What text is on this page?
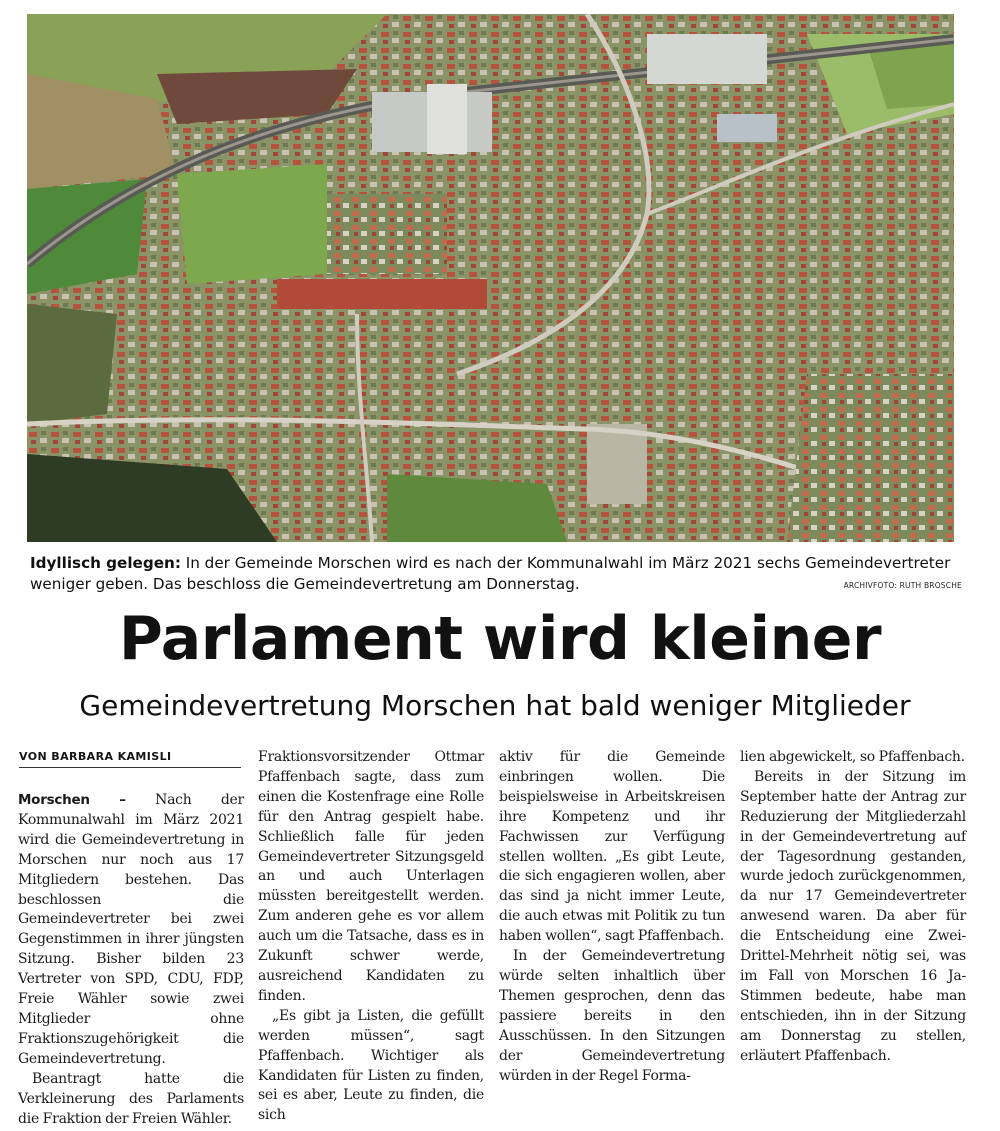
Idyllisch gelegen: In der Gemeinde Morschen wird es nach der Kommunalwahl im März 2021 sechs Gemeindevertreter weniger geben. Das beschloss die Gemeindevertretung am Donnerstag.	ARCHIVFOTO: RUTH BROSCHE
Parlament wird kleiner
Gemeindevertretung Morschen hat bald weniger Mitglieder
VON BARBARA KAMISLI

Morschen – Nach der Kommunalwahl im März 2021 wird die Gemeindevertretung in Morschen nur noch aus 17 Mitgliedern bestehen. Das beschlossen die Gemeindevertreter bei zwei Gegenstimmen in ihrer jüngsten Sitzung. Bisher bilden 23 Vertreter von SPD, CDU, FDP, Freie Wähler sowie zwei Mitglieder ohne Fraktionszugehörigkeit die Gemeindevertretung.

Beantragt hatte die Verkleinerung des Parlaments die Fraktion der Freien Wähler.

Fraktionsvorsitzender Ottmar Pfaffenbach sagte, dass zum einen die Kostenfrage eine Rolle für den Antrag gespielt habe. Schließlich falle für jeden Gemeindevertreter Sitzungsgeld an und auch Unterlagen müssten bereitgestellt werden. Zum anderen gehe es vor allem auch um die Tatsache, dass es in Zukunft schwer werde, ausreichend Kandidaten zu finden.

„Es gibt ja Listen, die gefüllt werden müssen“, sagt Pfaffenbach. Wichtiger als Kandidaten für Listen zu finden, sei es aber, Leute zu finden, die sich

aktiv für die Gemeinde einbringen wollen. Die beispielsweise in Arbeitskreisen ihre Kompetenz und ihr Fachwissen zur Verfügung stellen wollten. „Es gibt Leute, die sich engagieren wollen, aber das sind ja nicht immer Leute, die auch etwas mit Politik zu tun haben wollen“, sagt Pfaffenbach.

In der Gemeindevertretung würde selten inhaltlich über Themen gesprochen, denn das passiere bereits in den Ausschüssen. In den Sitzungen der Gemeindevertretung würden in der Regel Forma-

lien abgewickelt, so Pfaffenbach.

Bereits in der Sitzung im September hatte der Antrag zur Reduzierung der Mitgliederzahl in der Gemeindevertretung auf der Tagesordnung gestanden, wurde jedoch zurückgenommen, da nur 17 Gemeindevertreter anwesend waren. Da aber für die Entscheidung eine Zwei-Drittel-Mehrheit nötig sei, was im Fall von Morschen 16 Ja-Stimmen bedeute, habe man entschieden, ihn in der Sitzung am Donnerstag zu stellen, erläutert Pfaffenbach.
